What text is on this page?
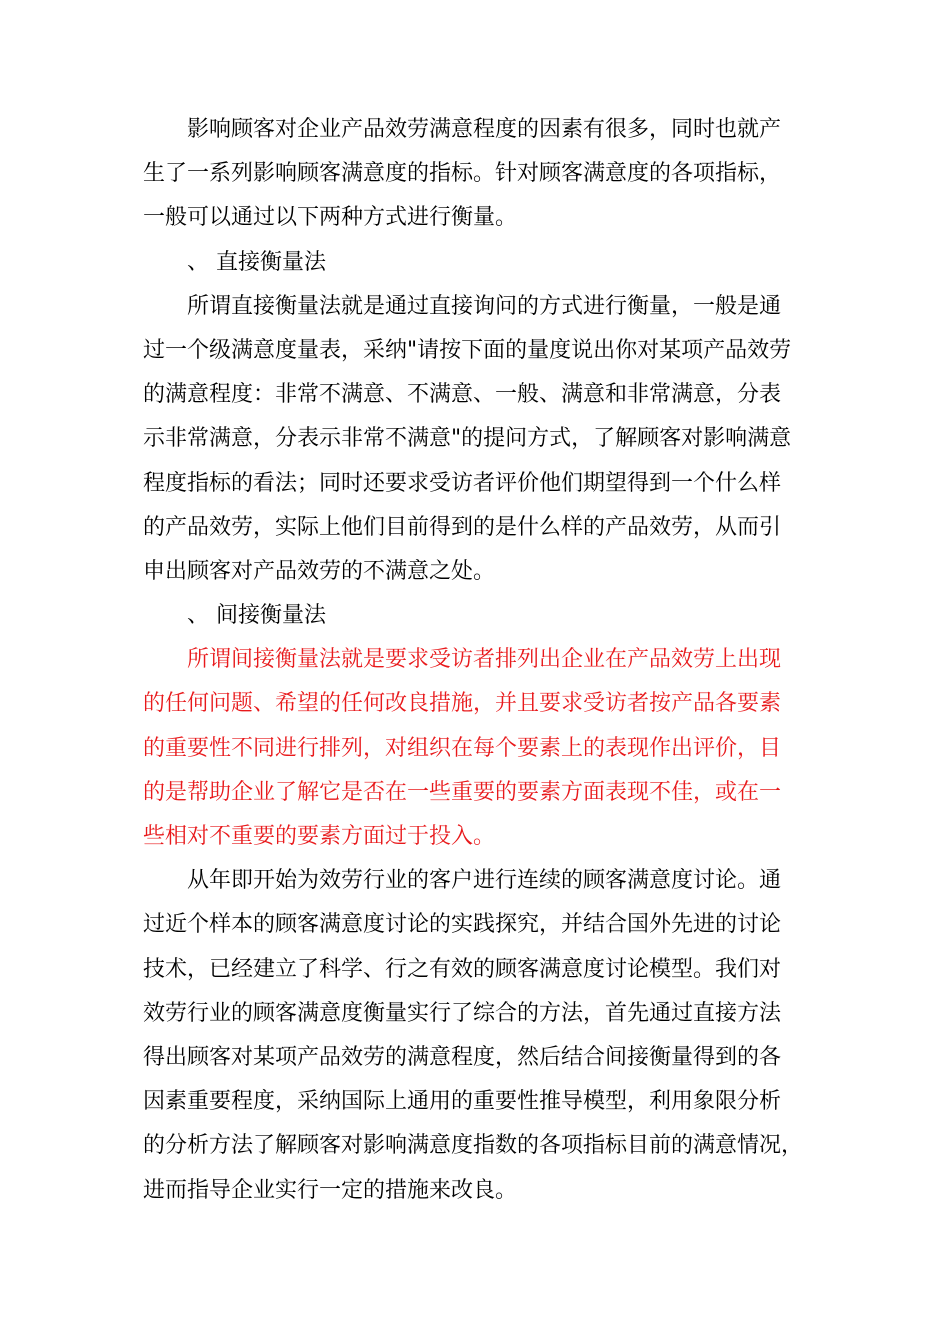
影响顾客对企业产品效劳满意程度的因素有很多，同时也就产
生了一系列影响顾客满意度的指标。针对顾客满意度的各项指标，
一般可以通过以下两种方式进行衡量。
、 直接衡量法
所谓直接衡量法就是通过直接询问的方式进行衡量，一般是通
过一个级满意度量表，采纳"请按下面的量度说出你对某项产品效劳
的满意程度：非常不满意、不满意、一般、满意和非常满意，分表
示非常满意，分表示非常不满意"的提问方式，了解顾客对影响满意
程度指标的看法；同时还要求受访者评价他们期望得到一个什么样
的产品效劳，实际上他们目前得到的是什么样的产品效劳，从而引
申出顾客对产品效劳的不满意之处。
、 间接衡量法
所谓间接衡量法就是要求受访者排列出企业在产品效劳上出现
的任何问题、希望的任何改良措施，并且要求受访者按产品各要素
的重要性不同进行排列，对组织在每个要素上的表现作出评价，目
的是帮助企业了解它是否在一些重要的要素方面表现不佳，或在一
些相对不重要的要素方面过于投入。
从年即开始为效劳行业的客户进行连续的顾客满意度讨论。通
过近个样本的顾客满意度讨论的实践探究，并结合国外先进的讨论
技术，已经建立了科学、行之有效的顾客满意度讨论模型。我们对
效劳行业的顾客满意度衡量实行了综合的方法，首先通过直接方法
得出顾客对某项产品效劳的满意程度，然后结合间接衡量得到的各
因素重要程度，采纳国际上通用的重要性推导模型，利用象限分析
的分析方法了解顾客对影响满意度指数的各项指标目前的满意情况，
进而指导企业实行一定的措施来改良。
